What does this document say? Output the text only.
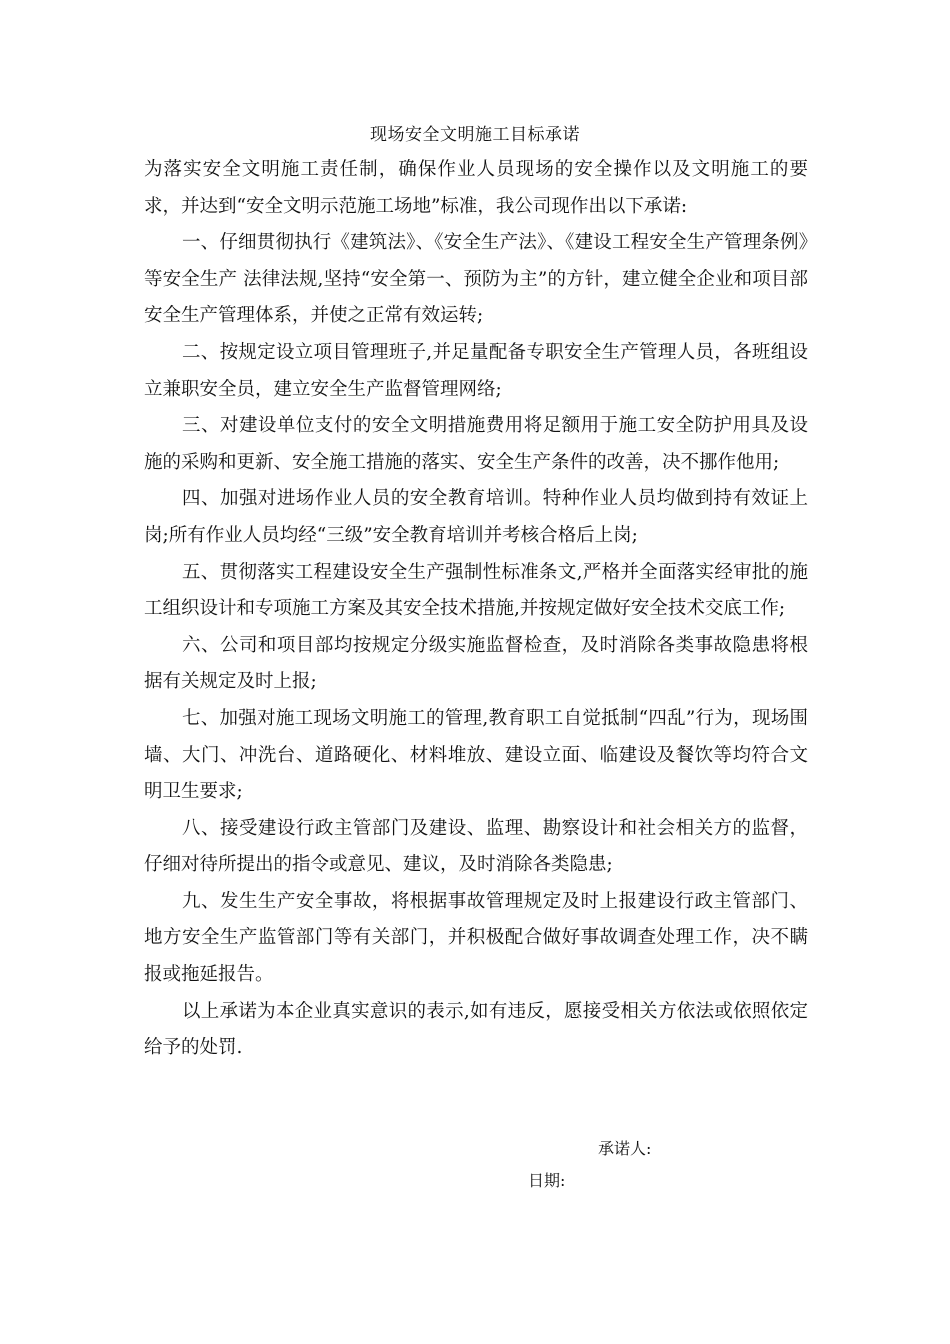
现场安全文明施工目标承诺

为落实安全文明施工责任制，确保作业人员现场的安全操作以及文明施工的要求，并达到“安全文明示范施工场地”标准，我公司现作出以下承诺:

一、仔细贯彻执行《建筑法》、《安全生产法》、《建设工程安全生产管理条例》等安全生产 法律法规,坚持“安全第一、预防为主”的方针，建立健全企业和项目部安全生产管理体系，并使之正常有效运转;

二、按规定设立项目管理班子,并足量配备专职安全生产管理人员，各班组设立兼职安全员，建立安全生产监督管理网络;

三、对建设单位支付的安全文明措施费用将足额用于施工安全防护用具及设施的采购和更新、安全施工措施的落实、安全生产条件的改善，决不挪作他用;

四、加强对进场作业人员的安全教育培训。特种作业人员均做到持有效证上岗;所有作业人员均经“三级”安全教育培训并考核合格后上岗;

五、贯彻落实工程建设安全生产强制性标准条文,严格并全面落实经审批的施工组织设计和专项施工方案及其安全技术措施,并按规定做好安全技术交底工作;

六、公司和项目部均按规定分级实施监督检查，及时消除各类事故隐患将根据有关规定及时上报;

七、加强对施工现场文明施工的管理,教育职工自觉抵制“四乱”行为，现场围墙、大门、冲洗台、道路硬化、材料堆放、建设立面、临建设及餐饮等均符合文明卫生要求;

八、接受建设行政主管部门及建设、监理、勘察设计和社会相关方的监督，仔细对待所提出的指令或意见、建议，及时消除各类隐患;

九、发生生产安全事故，将根据事故管理规定及时上报建设行政主管部门、地方安全生产监管部门等有关部门，并积极配合做好事故调查处理工作，决不瞒报或拖延报告。

以上承诺为本企业真实意识的表示,如有违反，愿接受相关方依法或依照依定给予的处罚.

承诺人:
日期:
